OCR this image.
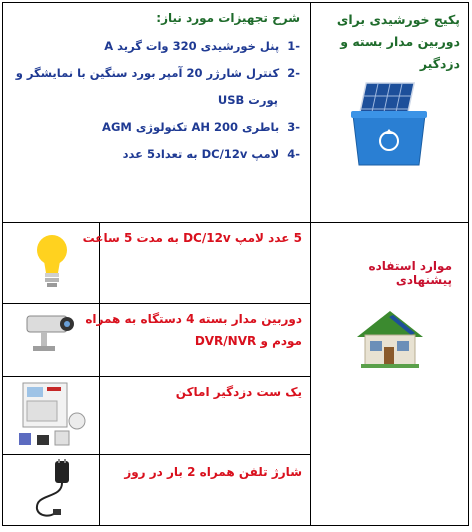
پکیج خورشیدی برای
دوربین مدار بسته و دزدگیر
شرح تجهیزات مورد نیاز:
-1  پنل خورشیدی 320 وات گرید A
-2  کنترل شارژر 20 آمپر بورد سنگین با نمایشگر و
پورت USB
-3  باطری 200 AH تکنولوژی AGM
-4  لامپ DC/12v به تعداد5 عدد
موارد استفاده پیشنهادی
5 عدد لامپ DC/12v به مدت 5 ساعت
دوربین مدار بسته 4 دستگاه به همراه
مودم و DVR/NVR
یک ست دزدگیر اماکن
شارژ تلفن همراه 2 بار در روز
